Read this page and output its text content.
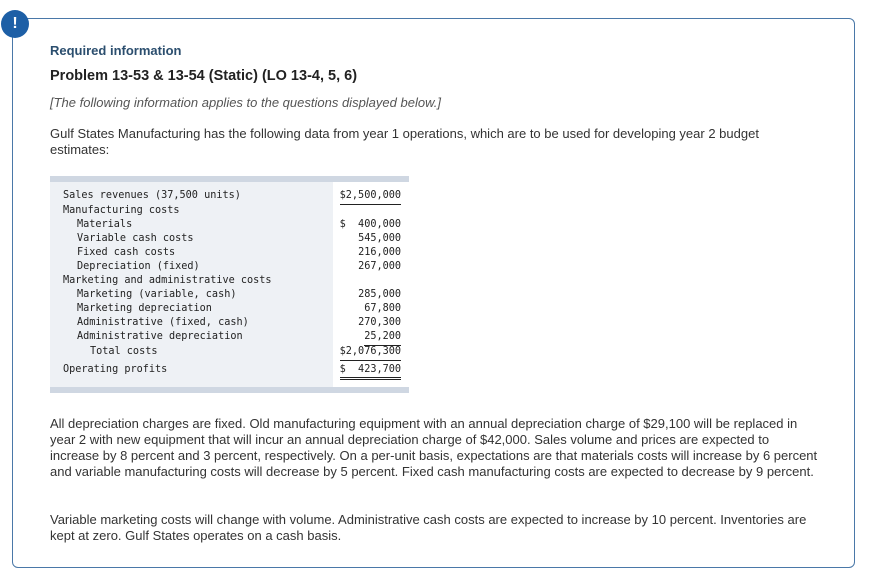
!
Required information
Problem 13-53 & 13-54 (Static) (LO 13-4, 5, 6)
[The following information applies to the questions displayed below.]
Gulf States Manufacturing has the following data from year 1 operations, which are to be used for developing year 2 budget estimates:
Sales revenues (37,500 units)	$2,500,000
Manufacturing costs
Materials	$  400,000
Variable cash costs	545,000
Fixed cash costs	216,000
Depreciation (fixed)	267,000
Marketing and administrative costs
Marketing (variable, cash)	285,000
Marketing depreciation	67,800
Administrative (fixed, cash)	270,300
Administrative depreciation	25,200
Total costs	$2,076,300
Operating profits	$  423,700
All depreciation charges are fixed. Old manufacturing equipment with an annual depreciation charge of $29,100 will be replaced in year 2 with new equipment that will incur an annual depreciation charge of $42,000. Sales volume and prices are expected to increase by 8 percent and 3 percent, respectively. On a per-unit basis, expectations are that materials costs will increase by 6 percent and variable manufacturing costs will decrease by 5 percent. Fixed cash manufacturing costs are expected to decrease by 9 percent.
Variable marketing costs will change with volume. Administrative cash costs are expected to increase by 10 percent. Inventories are kept at zero. Gulf States operates on a cash basis.
